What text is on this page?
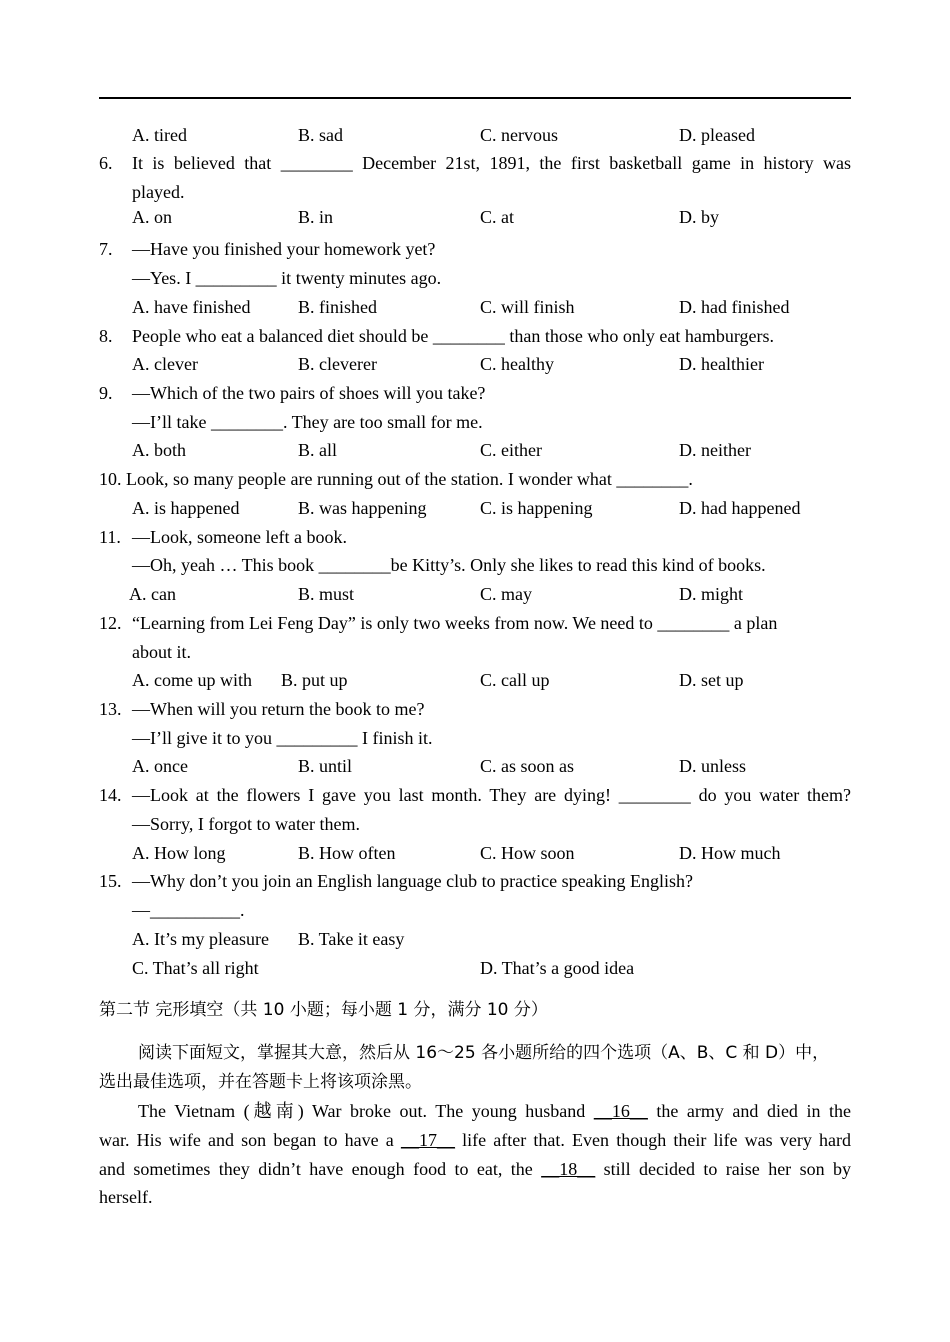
A. tired	B. sad	C. nervous	D. pleased
6. It is believed that ________ December 21st, 1891, the first basketball game in history was
played.
A. on	B. in	C. at	D. by
7. —Have you finished your homework yet?
—Yes. I _________ it twenty minutes ago.
A. have finished	B. finished	C. will finish	D. had finished
8. People who eat a balanced diet should be ________ than those who only eat hamburgers.
A. clever	B. cleverer	C. healthy	D. healthier
9. —Which of the two pairs of shoes will you take?
—I’ll take ________. They are too small for me.
A. both	B. all	C. either	D. neither
10. Look, so many people are running out of the station. I wonder what ________.
A. is happened	B. was happening	C. is happening	D. had happened
11. —Look, someone left a book.
—Oh, yeah … This book ________be Kitty’s. Only she likes to read this kind of books.
A. can	B. must	C. may	D. might
12. “Learning from Lei Feng Day” is only two weeks from now. We need to ________ a plan
about it.
A. come up with B. put up	C. call up	D. set up
13. —When will you return the book to me?
—I’ll give it to you _________ I finish it.
A. once	B. until	C. as soon as	D. unless
14. —Look at the flowers I gave you last month. They are dying! ________ do you water them?
—Sorry, I forgot to water them.
A. How long	B. How often	C. How soon	D. How much
15. —Why don’t you join an English language club to practice speaking English?
—__________.
A. It’s my pleasure B. Take it easy
C. That’s all right	D. That’s a good idea
第二节 完形填空（共 10 小题；每小题 1 分，满分 10 分）
阅读下面短文，掌握其大意，然后从 16～25 各小题所给的四个选项（A、B、C 和 D）中，
选出最佳选项，并在答题卡上将该项涂黑。
The Vietnam (越南) War broke out. The young husband __16__ the army and died in the
war. His wife and son began to have a __17__ life after that. Even though their life was very hard
and sometimes they didn’t have enough food to eat, the __18__ still decided to raise her son by
herself.
